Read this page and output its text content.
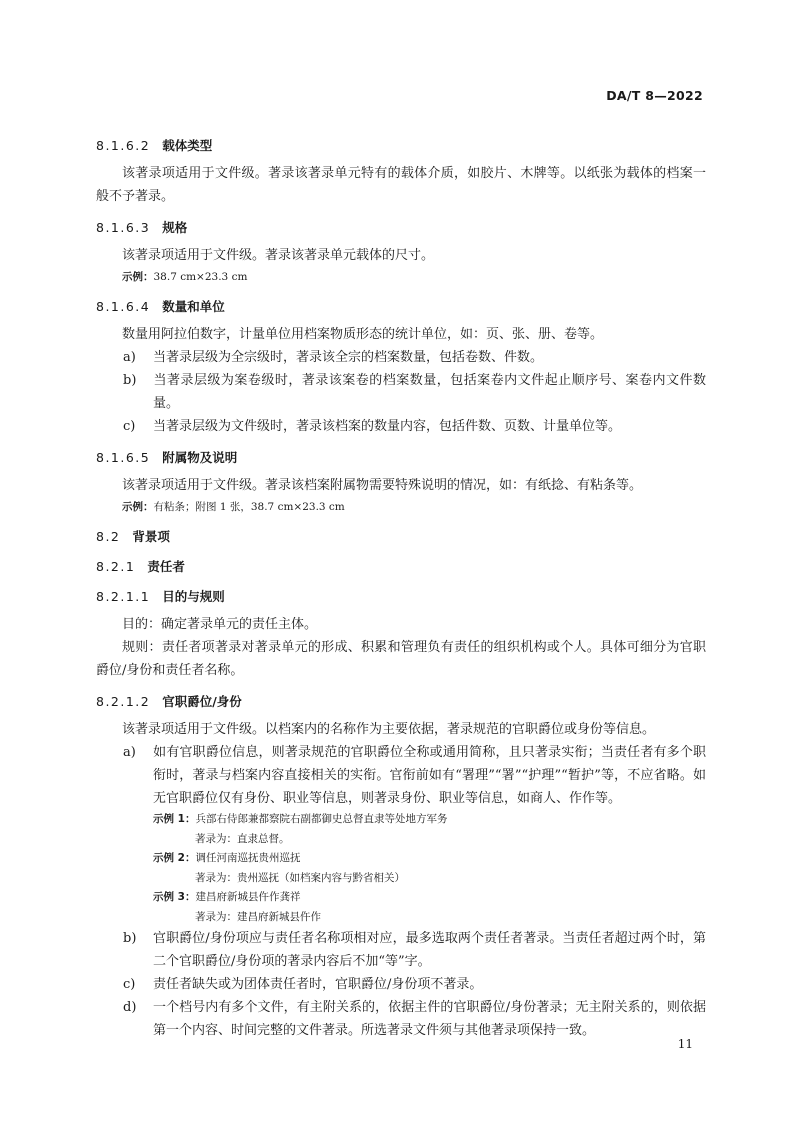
DA/T 8—2022
8.1.6.2 载体类型
该著录项适用于文件级。著录该著录单元特有的载体介质，如胶片、木牌等。以纸张为载体的档案一般不予著录。
8.1.6.3 规格
该著录项适用于文件级。著录该著录单元载体的尺寸。
示例：38.7 cm×23.3 cm
8.1.6.4 数量和单位
数量用阿拉伯数字，计量单位用档案物质形态的统计单位，如：页、张、册、卷等。
a) 当著录层级为全宗级时，著录该全宗的档案数量，包括卷数、件数。
b) 当著录层级为案卷级时，著录该案卷的档案数量，包括案卷内文件起止顺序号、案卷内文件数量。
c) 当著录层级为文件级时，著录该档案的数量内容，包括件数、页数、计量单位等。
8.1.6.5 附属物及说明
该著录项适用于文件级。著录该档案附属物需要特殊说明的情况，如：有纸捻、有粘条等。
示例：有粘条；附图 1 张，38.7 cm×23.3 cm
8.2 背景项
8.2.1 责任者
8.2.1.1 目的与规则
目的：确定著录单元的责任主体。
规则：责任者项著录对著录单元的形成、积累和管理负有责任的组织机构或个人。具体可细分为官职爵位/身份和责任者名称。
8.2.1.2 官职爵位/身份
该著录项适用于文件级。以档案内的名称作为主要依据，著录规范的官职爵位或身份等信息。
a) 如有官职爵位信息，则著录规范的官职爵位全称或通用简称，且只著录实衔；当责任者有多个职衔时，著录与档案内容直接相关的实衔。官衔前如有“署理”“署”“护理”“暂护”等，不应省略。如无官职爵位仅有身份、职业等信息，则著录身份、职业等信息，如商人、作作等。
示例 1：兵部右侍郎兼都察院右副都御史总督直隶等处地方军务
著录为：直隶总督。
示例 2：调任河南巡抚贵州巡抚
著录为：贵州巡抚（如档案内容与黔省相关）
示例 3：建昌府新城县仵作龚祥
著录为：建昌府新城县仵作
b) 官职爵位/身份项应与责任者名称项相对应，最多选取两个责任者著录。当责任者超过两个时，第二个官职爵位/身份项的著录内容后不加“等”字。
c) 责任者缺失或为团体责任者时，官职爵位/身份项不著录。
d) 一个档号内有多个文件，有主附关系的，依据主件的官职爵位/身份著录；无主附关系的，则依据第一个内容、时间完整的文件著录。所选著录文件须与其他著录项保持一致。
11
